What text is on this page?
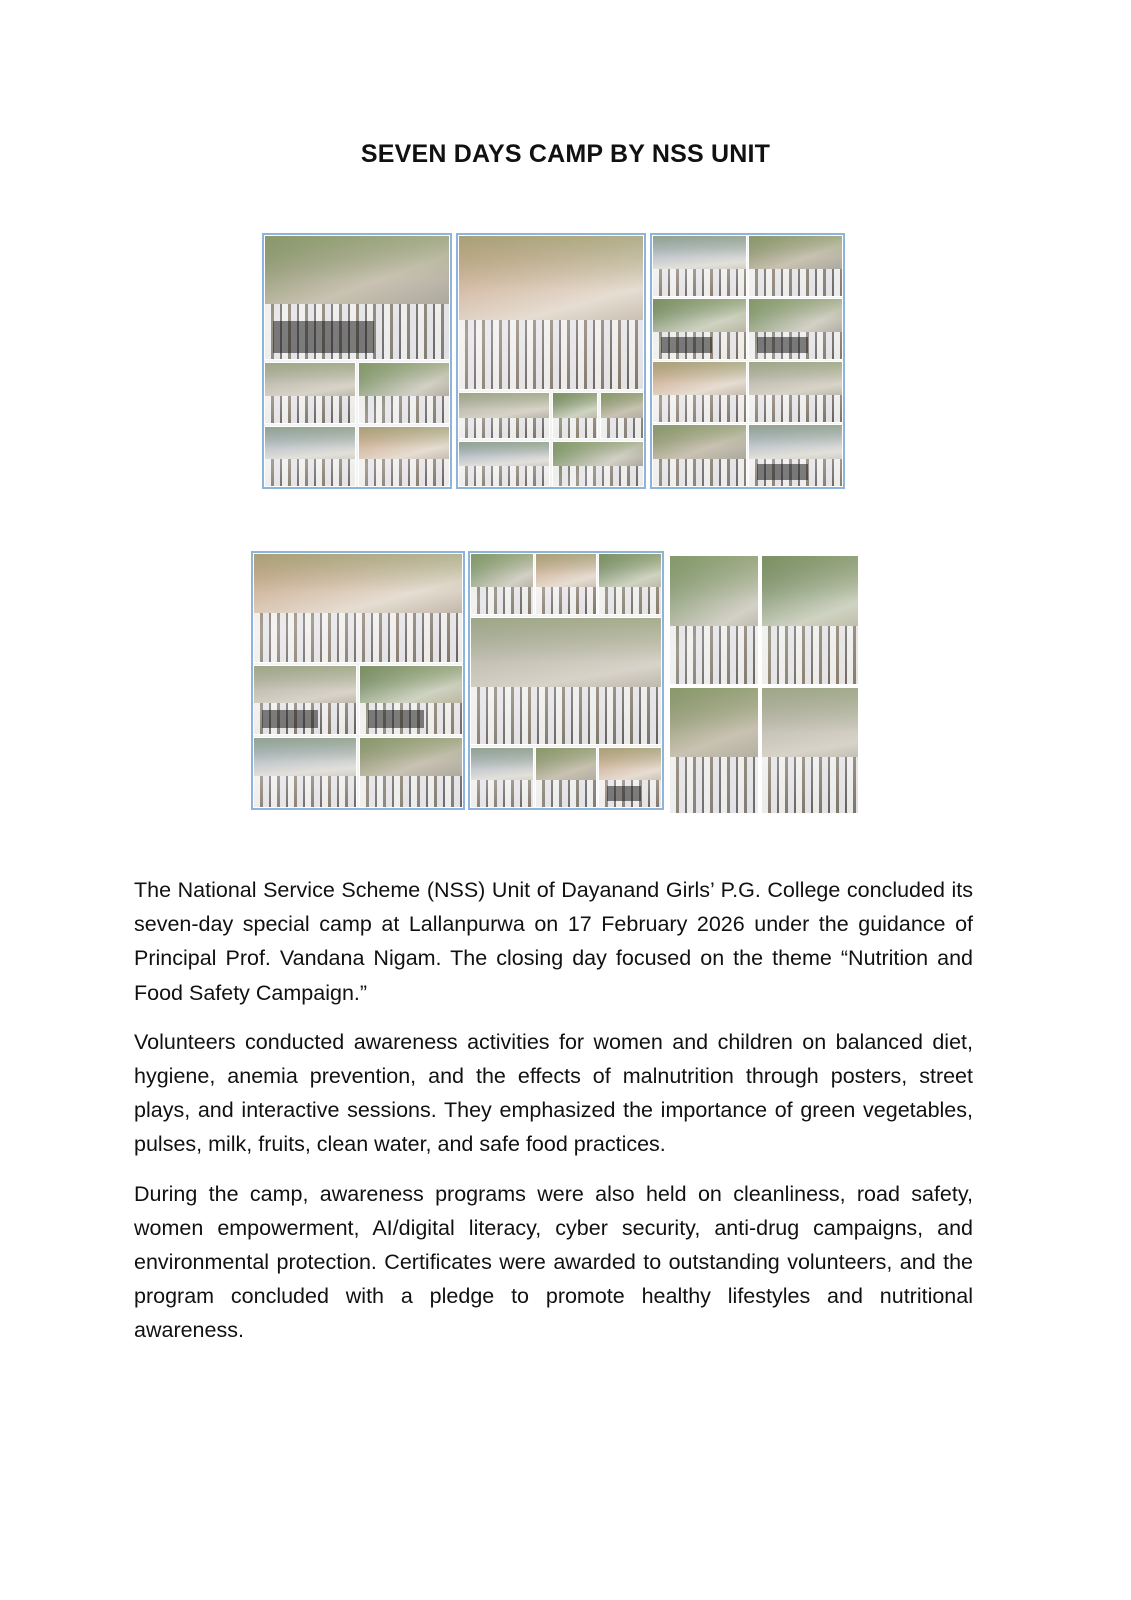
SEVEN DAYS CAMP BY NSS UNIT

The National Service Scheme (NSS) Unit of Dayanand Girls’ P.G. College concluded its seven-day special camp at Lallanpurwa on 17 February 2026 under the guidance of Principal Prof. Vandana Nigam. The closing day focused on the theme “Nutrition and Food Safety Campaign.”

Volunteers conducted awareness activities for women and children on balanced diet, hygiene, anemia prevention, and the effects of malnutrition through posters, street plays, and interactive sessions. They emphasized the importance of green vegetables, pulses, milk, fruits, clean water, and safe food practices.

During the camp, awareness programs were also held on cleanliness, road safety, women empowerment, AI/digital literacy, cyber security, anti-drug campaigns, and environmental protection. Certificates were awarded to outstanding volunteers, and the program concluded with a pledge to promote healthy lifestyles and nutritional awareness.
